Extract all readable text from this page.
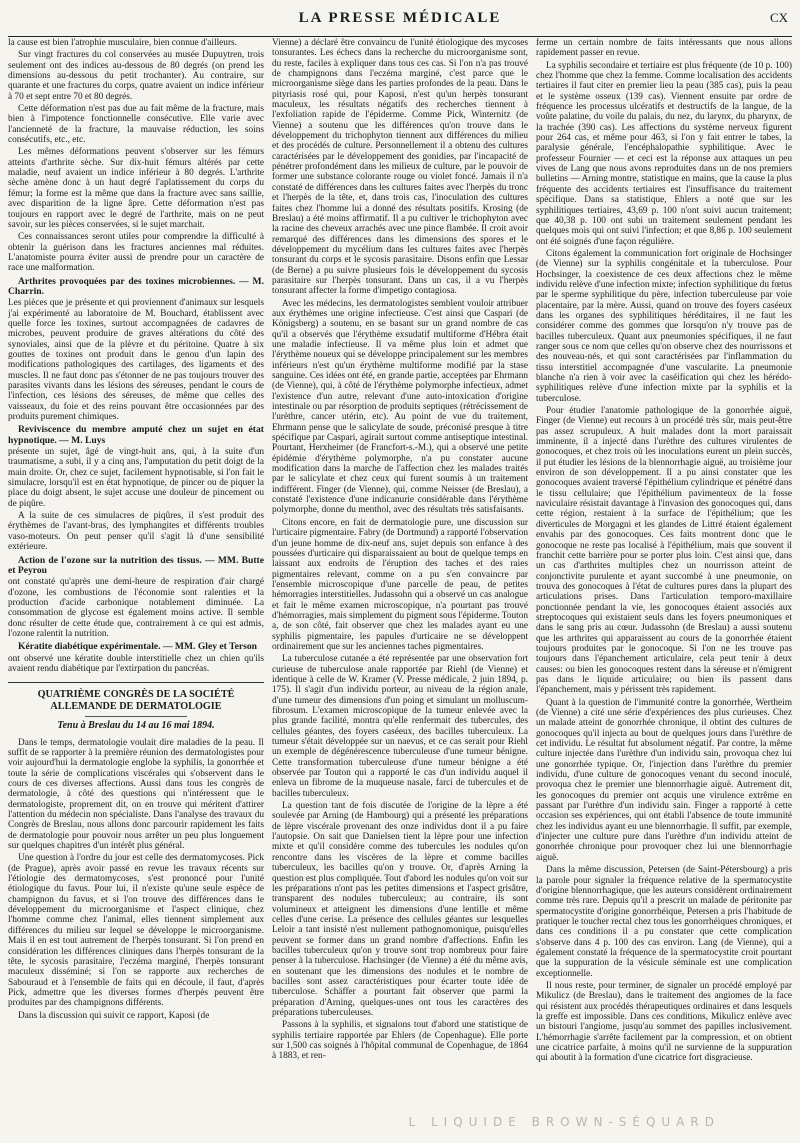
LA PRESSE MÉDICALE	CX

la cause est bien l'atrophie musculaire, bien connue d'ailleurs.

Sur vingt fractures du col conservées au musée Dupuytren, trois seulement ont des indices au-dessous de 80 degrés (on prend les dimensions au-dessous du petit trochanter). Au contraire, sur quarante et une fractures du corps, quatre avaient un indice inférieur à 70 et sept entre 70 et 80 degrés.

Cette déformation n'est pas due au fait même de la fracture, mais bien à l'impotence fonctionnelle consécutive. Elle varie avec l'ancienneté de la fracture, la mauvaise réduction, les soins consécutifs, etc., etc.

Les mêmes déformations peuvent s'observer sur les fémurs atteints d'arthrite sèche. Sur dix-huit fémurs altérés par cette maladie, neuf avaient un indice inférieur à 80 degrés. L'arthrite sèche amène donc à un haut degré l'aplatissement du corps du fémur; la forme est la même que dans la fracture avec sans saillie, avec disparition de la ligne âpre. Cette déformation n'est pas toujours en rapport avec le degré de l'arthrite, mais on ne peut savoir, sur les pièces conservées, si le sujet marchait.

Ces connaissances seront utiles pour comprendre la difficulté à obtenir la guérison dans les fractures anciennes mal réduites. L'anatomiste pourra éviter aussi de prendre pour un caractère de race une malformation.

Arthrites provoquées par des toxines microbiennes. — M. Charrin.

Les pièces que je présente et qui proviennent d'animaux sur lesquels j'ai expérimenté au laboratoire de M. Bouchard, établissent avec quelle force les toxines, surtout accompagnées de cadavres de microbes, peuvent produire de graves altérations du côté des synoviales, ainsi que de la plèvre et du péritoine. Quatre à six gouttes de toxines ont produit dans le genou d'un lapin des modifications pathologiques des cartilages, des ligaments et des muscles. Il ne faut donc pas s'étonner de ne pas toujours trouver des parasites vivants dans les lésions des séreuses, pendant le cours de l'infection, ces lésions des séreuses, de même que celles des vaisseaux, du foie et des reins pouvant être occasionnées par des produits purement chimiques.

Reviviscence du membre amputé chez un sujet en état hypnotique. — M. Luys

présente un sujet, âgé de vingt-huit ans, qui, à la suite d'un traumatisme, a subi, il y a cinq ans, l'amputation du petit doigt de la main droite. Or, chez ce sujet, facilement hypnotisable, si l'on fait le simulacre, lorsqu'il est en état hypnotique, de pincer ou de piquer la place du doigt absent, le sujet accuse une douleur de pincement ou de piqûre.

A la suite de ces simulacres de piqûres, il s'est produit des érythèmes de l'avant-bras, des lymphangites et différents troubles vaso-moteurs. On peut penser qu'il s'agit là d'une sensibilité extérieure.

Action de l'ozone sur la nutrition des tissus. — MM. Butte et Peyrou

ont constaté qu'après une demi-heure de respiration d'air chargé d'ozone, les combustions de l'économie sont ralenties et la production d'acide carbonique notablement diminuée. La consommation de glycose est également moins active. Il semble donc résulter de cette étude que, contrairement à ce qui est admis, l'ozone ralentit la nutrition.

Kératite diabétique expérimentale. — MM. Gley et Terson

ont observé une kératite double interstitielle chez un chien qu'ils avaient rendu diabétique par l'extirpation du pancréas.

QUATRIÈME CONGRÈS DE LA SOCIÉTÉ ALLEMANDE DE DERMATOLOGIE
Tenu à Breslau du 14 au 16 mai 1894.

Dans le temps, dermatologie voulait dire maladies de la peau. Il suffit de se rapporter à la première réunion des dermatologistes pour voir aujourd'hui la dermatologie englobe la syphilis, la gonorrhée et toute la série de complications viscérales qui s'observent dans le cours de ces diverses affections. Aussi dans tous les congrès de dermatologie, à côté des questions qui n'intéressent que le dermatologiste, proprement dit, on en trouve qui méritent d'attirer l'attention du médecin non spécialiste. Dans l'analyse des travaux du Congrès de Breslau, nous allons donc parcourir rapidement les faits de dermatologie pour pouvoir nous arrêter un peu plus longuement sur quelques chapitres d'un intérêt plus général.

Une question à l'ordre du jour est celle des dermatomycoses. Pick (de Prague), après avoir passé en revue les travaux récents sur l'étiologie des dermatomycoses, s'est prononcé pour l'unité étiologique du favus. Pour lui, il n'existe qu'une seule espèce de champignon du favus, et si l'on trouve des différences dans le développement du microorganisme et l'aspect clinique, chez l'homme comme chez l'animal, elles tiennent simplement aux différences du milieu sur lequel se développe le microorganisme. Mais il en est tout autrement de l'herpès tonsurant. Si l'on prend en considération les différences cliniques dans l'herpès tonsurant de la tête, le sycosis parasitaire, l'eczéma marginé, l'herpès tonsurant maculeux disséminé; si l'on se rapporte aux recherches de Sabouraud et à l'ensemble de faits qui en découle, il faut, d'après Pick, admettre que les diverses formes d'herpès peuvent être produites par des champignons différents.

Dans la discussion qui suivit ce rapport, Kaposi (de

Vienne) a déclaré être convaincu de l'unité étiologique des mycoses tonsurantes. Les échecs dans la recherche du microorganisme sont, du reste, faciles à expliquer dans tous ces cas. Si l'on n'a pas trouvé de champignons dans l'eczéma marginé, c'est parce que le microorganisme siège dans les parties profondes de la peau. Dans le pityriasis rosé qui, pour Kaposi, n'est qu'un herpès tonsurant maculeux, les résultats négatifs des recherches tiennent à l'exfoliation rapide de l'épiderme. Comme Pick, Winternitz (de Vienne) a soutenu que les différences qu'on trouve dans le développement du trichophyton tiennent aux différences du milieu et des procédés de culture. Personnellement il a obtenu des cultures caractérisées par le développement des gonidies, par l'incapacité de pénétrer profondément dans les milieux de culture, par le pouvoir de former une substance colorante rouge ou violet foncé. Jamais il n'a constaté de différences dans les cultures faites avec l'herpès du tronc et l'herpès de la tête, et, dans trois cas, l'inoculation des cultures faites chez l'homme lui a donné des résultats positifs. Krosing (de Breslau) a été moins affirmatif. Il a pu cultiver le trichophyton avec la racine des cheveux arrachés avec une pince flambée. Il croit avoir remarqué des différences dans les dimensions des spores et le développement du mycélium dans les cultures faites avec l'herpès tonsurant du corps et le sycosis parasitaire. Disons enfin que Lessar (de Berne) a pu suivre plusieurs fois le développement du sycosis parasitaire sur l'herpès tonsurant. Dans un cas, il a vu l'herpès tonsurant affecter la forme d'impetigo contagiosa.

Avec les médecins, les dermatologistes semblent vouloir attribuer aux érythèmes une origine infectieuse. C'est ainsi que Caspari (de Königsberg) a soutenu, en se basant sur un grand nombre de cas qu'il a observés que l'érythème exsudatif multiforme d'Hébra était une maladie infectieuse. Il va même plus loin et admet que l'érythème noueux qui se développe principalement sur les membres inférieurs n'est qu'un érythème multiforme modifié par la stase sanguine. Ces idées ont été, en grande partie, acceptées par Ehrmann (de Vienne), qui, à côté de l'érythème polymorphe infectieux, admet l'existence d'un autre, relevant d'une auto-intoxication d'origine intestinale ou par résorption de produits septiques (rétrécissement de l'urèthre, cancer utérin, etc). Au point de vue du traitement, Ehrmann pense que le salicylate de soude, préconisé presque à titre spécifique par Caspari, agirait surtout comme antiseptique intestinal. Pourtant, Herxheimer (de Francfort-s.-M.), qui a observé une petite épidémie d'érythème polymorphe, n'a pu constater aucune modification dans la marche de l'affection chez les malades traités par le salicylate et chez ceux qui furent soumis à un traitement indifférent. Finger (de Vienne), qui, comme Neisser (de Breslau), a constaté l'existence d'une indicanurie considérable dans l'érythème polymorphe, donne du menthol, avec des résultats très satisfaisants.

Citons encore, en fait de dermatologie pure, une discussion sur l'urticaire pigmentaire. Fabry (de Dortmund) a rapporté l'observation d'un jeune homme de dix-neuf ans, sujet depuis son enfance à des poussées d'urticaire qui disparaissaient au bout de quelque temps en laissant aux endroits de l'éruption des taches et des raies pigmentaires relevant, comme on a pu s'en convaincre par l'ensemble microscopique d'une parcelle de peau, de petites hémorragies interstitielles. Judassohn qui a observé un cas analogue et fait le même examen microscopique, n'a pourtant pas trouvé d'hémorragies, mais simplement du pigment sous l'épiderme. Touton a, de son côté, fait observer que chez les malades ayant eu une syphilis pigmentaire, les papules d'urticaire ne se développent ordinairement que sur les anciennes taches pigmentaires.

La tuberculose cutanée a été représentée par une observation fort curieuse de tuberculose anale rapportée par Riehl (de Vienne) et identique à celle de W. Kramer (V. Presse médicale, 2 juin 1894, p. 175). Il s'agit d'un individu porteur, au niveau de la région anale, d'une tumeur des dimensions d'un poing et simulant un molluscum-fibrosum. L'examen microscopique de la tumeur enlevée avec la plus grande facilité, montra qu'elle renfermait des tubercules, des cellules géantes, des foyers caséeux, des bacilles tuberculeux. La tumeur s'était développée sur un naevus, et ce cas serait pour Riehl un exemple de dégénérescence tuberculeuse d'une tumeur bénigne. Cette transformation tuberculeuse d'une tumeur bénigne a été observée par Touton qui a rapporté le cas d'un individu auquel il enleva un fibrome de la muqueuse nasale, farci de tubercules et de bacilles tuberculeux.

La question tant de fois discutée de l'origine de la lèpre a été soulevée par Arning (de Hambourg) qui a présenté les préparations de lèpre viscérale provenant des onze individus dont il a pu faire l'autopsie. On sait que Danielsen tient la lèpre pour une infection mixte et qu'il considère comme des tubercules les nodules qu'on rencontre dans les viscères de la lèpre et comme bacilles tuberculeux, les bacilles qu'on y trouve. Or, d'après Arning la question est plus compliquée. Tout d'abord les nodules qu'on voit sur les préparations n'ont pas les petites dimensions et l'aspect grisâtre, transparent des nodules tuberculeux; au contraire, ils sont volumineux et atteignent les dimensions d'une lentille et même celles d'une cerise. La présence des cellules géantes sur lesquelles Leloir a tant insisté n'est nullement pathognomonique, puisqu'elles peuvent se former dans un grand nombre d'affections. Enfin les bacilles tuberculeux qu'on y trouve sont trop nombreux pour faire penser à la tuberculose. Hachsinger (de Vienne) a été du même avis, en soutenant que les dimensions des nodules et le nombre de bacilles sont assez caractéristiques pour écarter toute idée de tuberculose. Schäffer a pourtant fait observer que parmi la préparation d'Arning, quelques-unes ont tous les caractères des préparations tuberculeuses.

Passons à la syphilis, et signalons tout d'abord une statistique de syphilis tertiaire rapportée par Ehlers (de Copenhague). Elle porte sur 1,500 cas soignés à l'hôpital communal de Copenhague, de 1864 à 1883, et ren-

ferme un certain nombre de faits intéressants que nous allons rapidement passer en revue.

La syphilis secondaire et tertiaire est plus fréquente (de 10 p. 100) chez l'homme que chez la femme. Comme localisation des accidents tertiaires il faut citer en premier lieu la peau (385 cas), puis la peau et le système osseux (139 cas). Viennent ensuite par ordre de fréquence les processus ulcératifs et destructifs de la langue, de la voûte palatine, du voile du palais, du nez, du larynx, du pharynx, de la trachée (390 cas). Les affections du système nerveux figurent pour 264 cas, et même pour 463, si l'on y fait entrer le tabes, la paralysie générale, l'encéphalopathie syphilitique. Avec le professeur Fournier — et ceci est la réponse aux attaques un peu vives de Lang que nous avons reproduites dans un de nos premiers bulletins — Arning montre, statistique en mains, que la cause la plus fréquente des accidents tertiaires est l'insuffisance du traitement spécifique. Dans sa statistique, Ehlers a noté que sur les syphilitiques tertiaires, 43,69 p. 100 n'ont suivi aucun traitement; que 40,38 p. 100 ont subi un traitement seulement pendant les quelques mois qui ont suivi l'infection; et que 8,86 p. 100 seulement ont été soignés d'une façon régulière.

Citons également la communication fort originale de Hochsinger (de Vienne) sur la syphilis congénitale et la tuberculose. Pour Hochsinger, la coexistence de ces deux affections chez le même individu relève d'une infection mixte; infection syphilitique du fœtus par le sperme syphilitique du père, infection tuberculeuse par voie placentaire, par la mère. Aussi, quand on trouve des foyers caséeux dans les organes des syphilitiques héréditaires, il ne faut les considérer comme des gommes que lorsqu'on n'y trouve pas de bacilles tuberculeux. Quant aux pneumonies spécifiques, il ne faut ranger sous ce nom que celles qu'on observe chez des nourrissons et des nouveau-nés, et qui sont caractérisées par l'inflammation du tissu interstitiel accompagnée d'une vascularite. La pneumonie blanche n'a rien à voir avec la caséification qui chez les hérédo-syphilitiques relève d'une infection mixte par la syphilis et la tuberculose.

Pour étudier l'anatomie pathologique de la gonorrhée aiguë, Finger (de Vienne) eut recours à un procédé très sûr, mais peut-être pas assez scrupuleux. A huit malades dont la mort paraissait imminente, il a injecté dans l'urèthre des cultures virulentes de gonocoques, et chez trois où les inoculations eurent un plein succès, il put étudier les lésions de la blennorrhagie aiguë, au troisième jour environ de son développement. Il a pu ainsi constater que les gonocoques avaient traversé l'épithélium cylindrique et pénétré dans le tissu cellulaire; que l'épithélium pavimenteux de la fosse naviculaire résistait davantage à l'invasion des gonocoques qui, dans cette région, restaient à la surface de l'épithélium; que les diverticules de Morgagni et les glandes de Littré étaient également envahis par des gonocoques. Ces faits montrent donc que le gonocoque ne reste pas localisé à l'épithélium, mais que souvent il franchit cette barrière pour se porter plus loin. C'est ainsi que, dans un cas d'arthrites multiples chez un nourrisson atteint de conjonctivite purulente et ayant succombé à une pneumonie, on trouva des gonocoques à l'état de cultures pures dans la plupart des articulations prises. Dans l'articulation temporo-maxillaire ponctionnée pendant la vie, les gonocoques étaient associés aux streptocoques qui existaient seuls dans les foyers pneumoniques et dans le sang pris au cœur. Judassohn (de Breslau) a aussi soutenu que les arthrites qui apparaissent au cours de la gonorrhée étaient toujours produites par le gonocoque. Si l'on ne les trouve pas toujours dans l'épanchement articulaire, cela peut tenir à deux causes: ou bien les gonocoques restent dans la séreuse et n'émigrent pas dans le liquide articulaire; ou bien ils passent dans l'épanchement, mais y périssent très rapidement.

Quant à la question de l'immunité contre la gonorrhée, Wertheim (de Vienne) a cité une série d'expériences des plus curieuses. Chez un malade atteint de gonorrhée chronique, il obtint des cultures de gonocoques qu'il injecta au bout de quelques jours dans l'urèthre de cet individu. Le résultat fut absolument négatif. Par contre, la même culture injectée dans l'urèthre d'un individu sain, provoqua chez lui une gonorrhée typique. Or, l'injection dans l'urèthre du premier individu, d'une culture de gonocoques venant du second inoculé, provoqua chez le premier une blennorrhagie aiguë. Autrement dit, les gonocoques du premier ont acquis une virulence extrême en passant par l'urèthre d'un individu sain. Finger a rapporté à cette occasion ses expériences, qui ont établi l'absence de toute immunité chez les individus ayant eu une blennorrhagie. Il suffit, par exemple, d'injecter une culture pure dans l'urèthre d'un individu atteint de gonorrhée chronique pour provoquer chez lui une blennorrhagie aiguë.

Dans la même discussion, Petersen (de Saint-Pétersbourg) a pris la parole pour signaler la fréquence relative de la spermatocystite d'origine blennorrhagique, que les auteurs considèrent ordinairement comme très rare. Depuis qu'il a prescrit un malade de péritonite par spermatocystite d'origine gonorrhéique, Petersen a pris l'habitude de pratiquer le toucher rectal chez tous les gonorrhéiques chroniques, et dans ces conditions il a pu constater que cette complication s'observe dans 4 p. 100 des cas environ. Lang (de Vienne), qui a également constaté la fréquence de la spermatocystite croit pourtant que la suppuration de la vésicule séminale est une complication exceptionnelle.

Il nous reste, pour terminer, de signaler un procédé employé par Mikulicz (de Breslau), dans le traitement des angiomes de la face qui résistent aux procédés thérapeutiques ordinaires et dans lesquels la greffe est impossible. Dans ces conditions, Mikulicz enlève avec un bistouri l'angiome, jusqu'au sommet des papilles inclusivement. L'hémorrhagie s'arrête facilement par la compression, et on obtient une cicatrice parfaite, à moins qu'il ne survienne de la suppuration qui aboutit à la formation d'une cicatrice fort disgracieuse.

L LIQUIDE BROWN-SÉQUARD
